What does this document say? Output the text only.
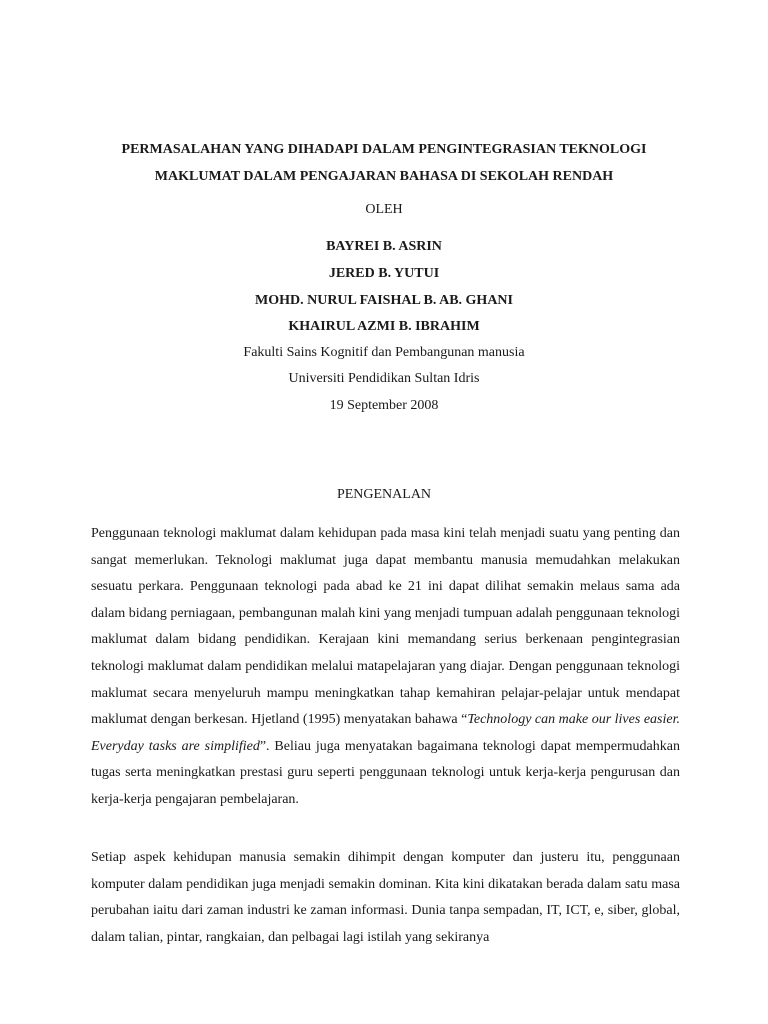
PERMASALAHAN YANG DIHADAPI DALAM PENGINTEGRASIAN TEKNOLOGI
MAKLUMAT DALAM PENGAJARAN BAHASA DI SEKOLAH RENDAH

OLEH

BAYREI B. ASRIN

JERED B. YUTUI

MOHD. NURUL FAISHAL B. AB. GHANI

KHAIRUL AZMI B. IBRAHIM

Fakulti Sains Kognitif dan Pembangunan manusia

Universiti Pendidikan Sultan Idris

19 September 2008

PENGENALAN

Penggunaan teknologi maklumat dalam kehidupan pada masa kini telah menjadi suatu yang penting dan sangat memerlukan. Teknologi maklumat juga dapat membantu manusia memudahkan melakukan sesuatu perkara. Penggunaan teknologi pada abad ke 21 ini dapat dilihat semakin melaus sama ada dalam bidang perniagaan, pembangunan malah kini yang menjadi tumpuan adalah penggunaan teknologi maklumat dalam bidang pendidikan. Kerajaan kini memandang serius berkenaan pengintegrasian teknologi maklumat dalam pendidikan melalui matapelajaran yang diajar. Dengan penggunaan teknologi maklumat secara menyeluruh mampu meningkatkan tahap kemahiran pelajar-pelajar untuk mendapat maklumat dengan berkesan. Hjetland (1995) menyatakan bahawa “Technology can make our lives easier. Everyday tasks are simplified”. Beliau juga menyatakan bagaimana teknologi dapat mempermudahkan tugas serta meningkatkan prestasi guru seperti penggunaan teknologi untuk kerja-kerja pengurusan dan kerja-kerja pengajaran pembelajaran.

Setiap aspek kehidupan manusia semakin dihimpit dengan komputer dan justeru itu, penggunaan komputer dalam pendidikan juga menjadi semakin dominan. Kita kini dikatakan berada dalam satu masa perubahan iaitu dari zaman industri ke zaman informasi. Dunia tanpa sempadan, IT, ICT, e, siber, global, dalam talian, pintar, rangkaian, dan pelbagai lagi istilah yang sekiranya
